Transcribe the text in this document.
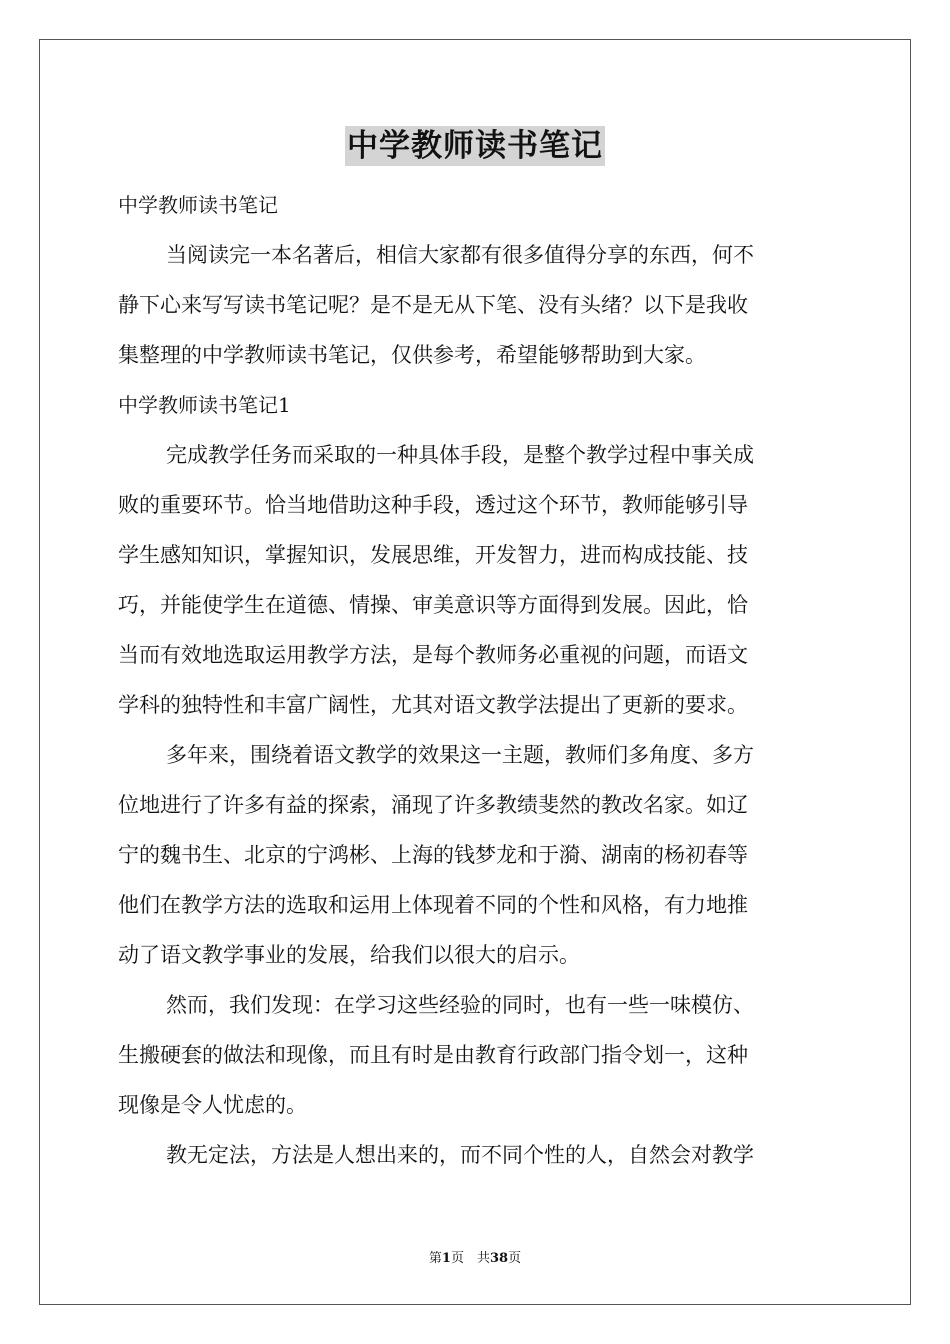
中学教师读书笔记
中学教师读书笔记
当阅读完一本名著后，相信大家都有很多值得分享的东西，何不
静下心来写写读书笔记呢？是不是无从下笔、没有头绪？以下是我收
集整理的中学教师读书笔记，仅供参考，希望能够帮助到大家。
中学教师读书笔记1
完成教学任务而采取的一种具体手段，是整个教学过程中事关成
败的重要环节。恰当地借助这种手段，透过这个环节，教师能够引导
学生感知知识，掌握知识，发展思维，开发智力，进而构成技能、技
巧，并能使学生在道德、情操、审美意识等方面得到发展。因此，恰
当而有效地选取运用教学方法，是每个教师务必重视的问题，而语文
学科的独特性和丰富广阔性，尤其对语文教学法提出了更新的要求。
多年来，围绕着语文教学的效果这一主题，教师们多角度、多方
位地进行了许多有益的探索，涌现了许多教绩斐然的教改名家。如辽
宁的魏书生、北京的宁鸿彬、上海的钱梦龙和于漪、湖南的杨初春等
他们在教学方法的选取和运用上体现着不同的个性和风格，有力地推
动了语文教学事业的发展，给我们以很大的启示。
然而，我们发现：在学习这些经验的同时，也有一些一味模仿、
生搬硬套的做法和现像，而且有时是由教育行政部门指令划一，这种
现像是令人忧虑的。
教无定法，方法是人想出来的，而不同个性的人，自然会对教学
第1页　共38页
